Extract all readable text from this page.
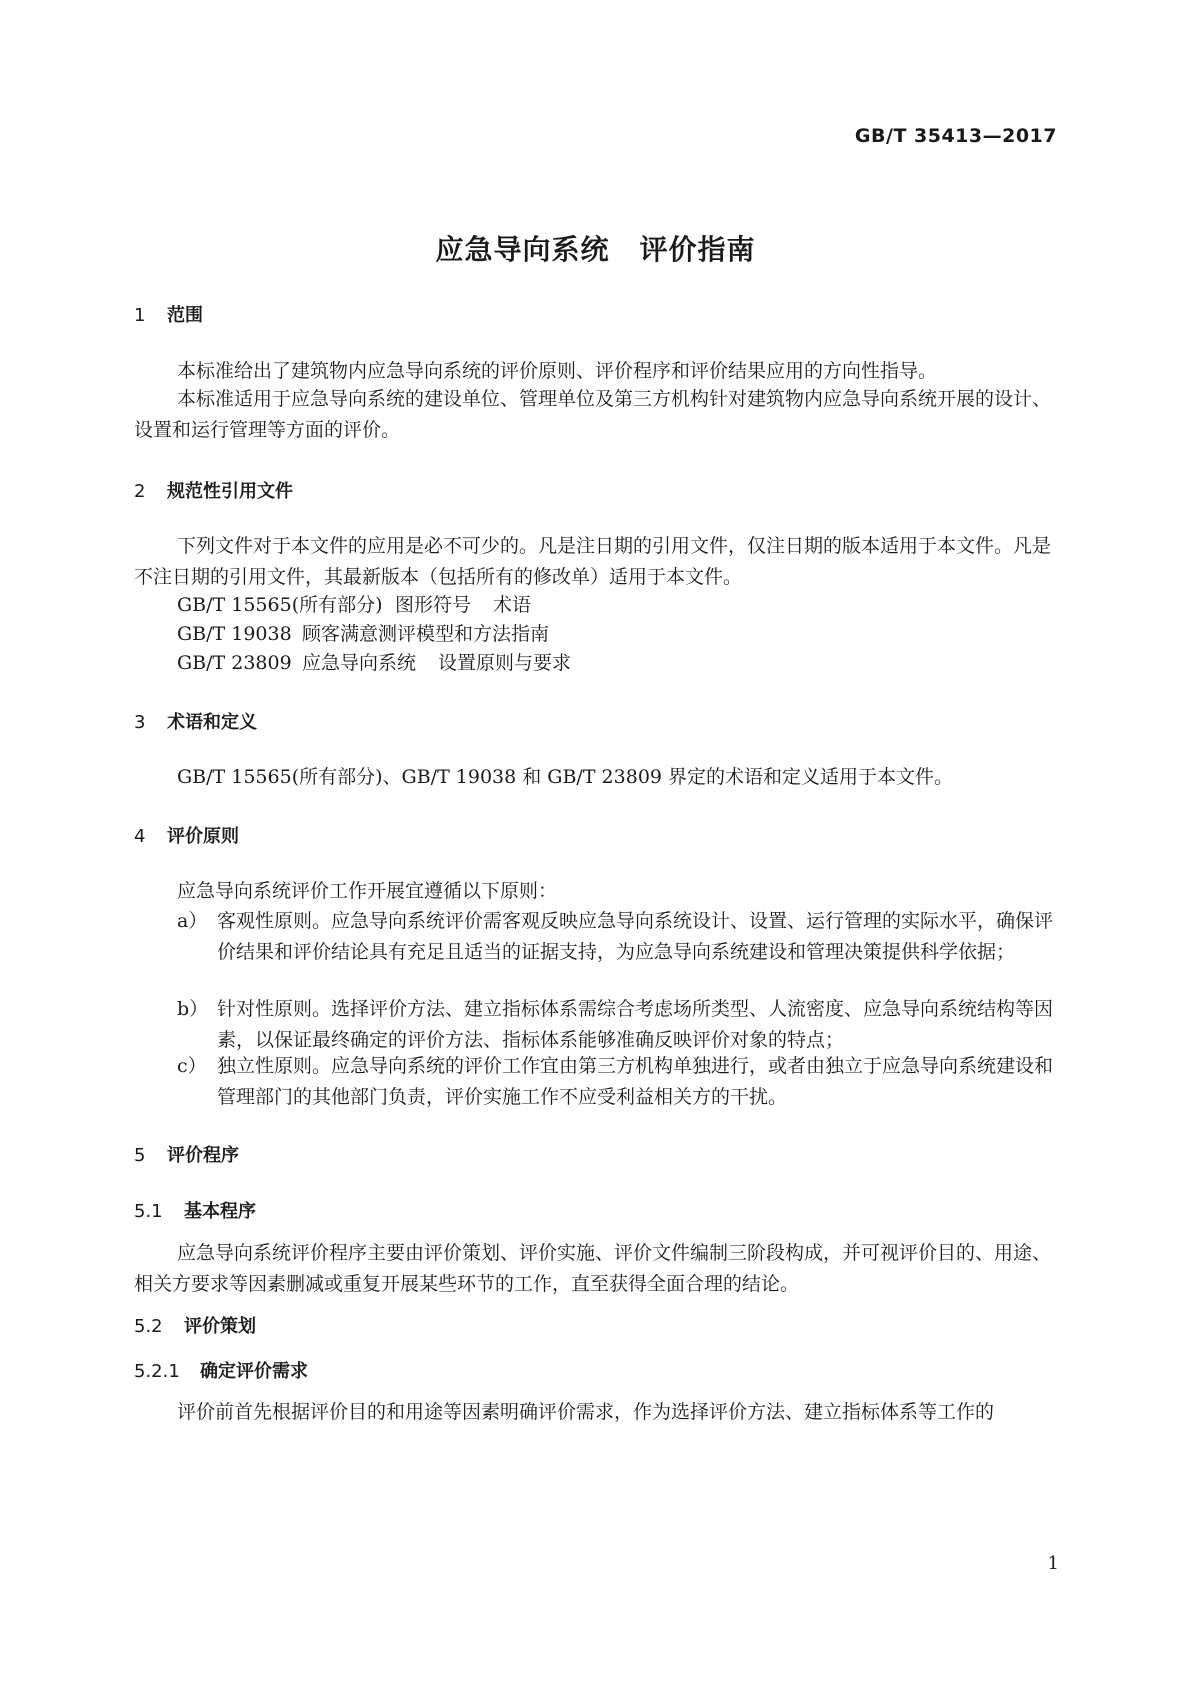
GB/T 35413—2017
应急导向系统 评价指南
1 范围
本标准给出了建筑物内应急导向系统的评价原则、评价程序和评价结果应用的方向性指导。
本标准适用于应急导向系统的建设单位、管理单位及第三方机构针对建筑物内应急导向系统开展的设计、设置和运行管理等方面的评价。
2 规范性引用文件
下列文件对于本文件的应用是必不可少的。凡是注日期的引用文件，仅注日期的版本适用于本文件。凡是不注日期的引用文件，其最新版本（包括所有的修改单）适用于本文件。
GB/T 15565(所有部分) 图形符号 术语
GB/T 19038 顾客满意测评模型和方法指南
GB/T 23809 应急导向系统 设置原则与要求
3 术语和定义
GB/T 15565(所有部分)、GB/T 19038 和 GB/T 23809 界定的术语和定义适用于本文件。
4 评价原则
应急导向系统评价工作开展宜遵循以下原则：
a） 客观性原则。应急导向系统评价需客观反映应急导向系统设计、设置、运行管理的实际水平，确保评价结果和评价结论具有充足且适当的证据支持，为应急导向系统建设和管理决策提供科学依据；
b） 针对性原则。选择评价方法、建立指标体系需综合考虑场所类型、人流密度、应急导向系统结构等因素，以保证最终确定的评价方法、指标体系能够准确反映评价对象的特点；
c） 独立性原则。应急导向系统的评价工作宜由第三方机构单独进行，或者由独立于应急导向系统建设和管理部门的其他部门负责，评价实施工作不应受利益相关方的干扰。
5 评价程序
5.1 基本程序
应急导向系统评价程序主要由评价策划、评价实施、评价文件编制三阶段构成，并可视评价目的、用途、相关方要求等因素删减或重复开展某些环节的工作，直至获得全面合理的结论。
5.2 评价策划
5.2.1 确定评价需求
评价前首先根据评价目的和用途等因素明确评价需求，作为选择评价方法、建立指标体系等工作的
1
